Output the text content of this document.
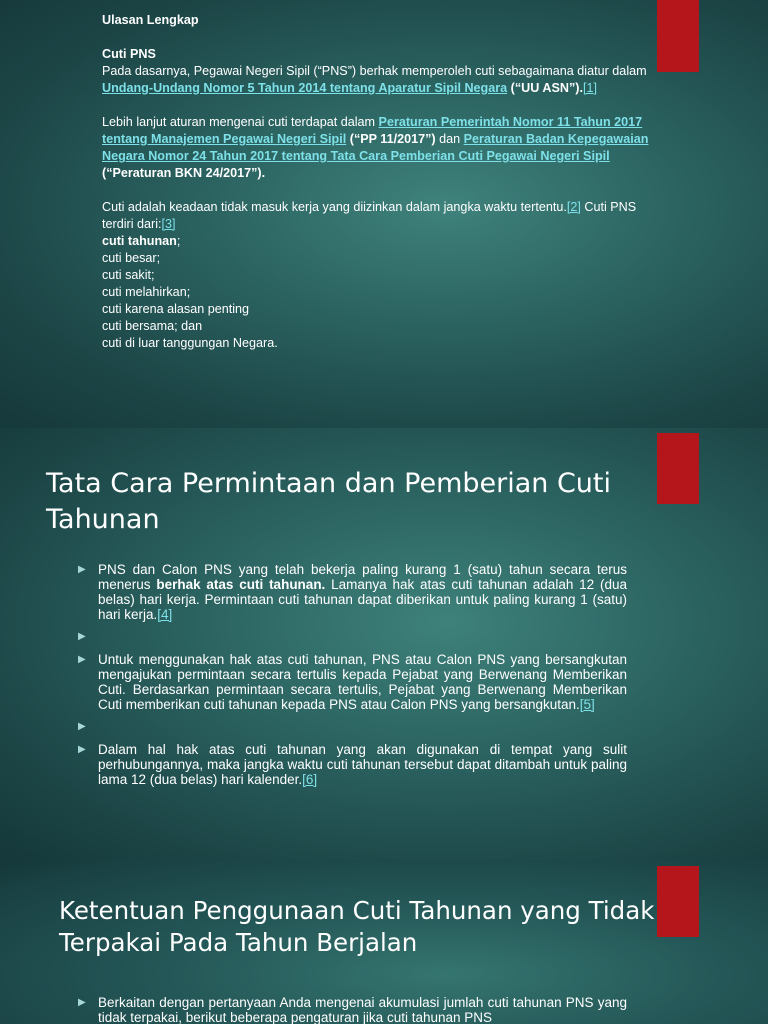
Ulasan Lengkap

Cuti PNS

Pada dasarnya, Pegawai Negeri Sipil (“PNS”) berhak memperoleh cuti sebagaimana diatur dalam Undang-Undang Nomor 5 Tahun 2014 tentang Aparatur Sipil Negara (“UU ASN”).[1]

Lebih lanjut aturan mengenai cuti terdapat dalam Peraturan Pemerintah Nomor 11 Tahun 2017 tentang Manajemen Pegawai Negeri Sipil (“PP 11/2017”) dan Peraturan Badan Kepegawaian Negara Nomor 24 Tahun 2017 tentang Tata Cara Pemberian Cuti Pegawai Negeri Sipil (“Peraturan BKN 24/2017”).

Cuti adalah keadaan tidak masuk kerja yang diizinkan dalam jangka waktu tertentu.[2] Cuti PNS terdiri dari:[3]

cuti tahunan;

cuti besar;

cuti sakit;

cuti melahirkan;

cuti karena alasan penting

cuti bersama; dan

cuti di luar tanggungan Negara.

Tata Cara Permintaan dan Pemberian Cuti Tahunan
▶ PNS dan Calon PNS yang telah bekerja paling kurang 1 (satu) tahun secara terus menerus berhak atas cuti tahunan. Lamanya hak atas cuti tahunan adalah 12 (dua belas) hari kerja. Permintaan cuti tahunan dapat diberikan untuk paling kurang 1 (satu) hari kerja.[4]
▶
▶ Untuk menggunakan hak atas cuti tahunan, PNS atau Calon PNS yang bersangkutan mengajukan permintaan secara tertulis kepada Pejabat yang Berwenang Memberikan Cuti. Berdasarkan permintaan secara tertulis, Pejabat yang Berwenang Memberikan Cuti memberikan cuti tahunan kepada PNS atau Calon PNS yang bersangkutan.[5]
▶
▶ Dalam hal hak atas cuti tahunan yang akan digunakan di tempat yang sulit perhubungannya, maka jangka waktu cuti tahunan tersebut dapat ditambah untuk paling lama 12 (dua belas) hari kalender.[6]
Ketentuan Penggunaan Cuti Tahunan yang Tidak Terpakai Pada Tahun Berjalan
▶ Berkaitan dengan pertanyaan Anda mengenai akumulasi jumlah cuti tahunan PNS yang tidak terpakai, berikut beberapa pengaturan jika cuti tahunan PNS
